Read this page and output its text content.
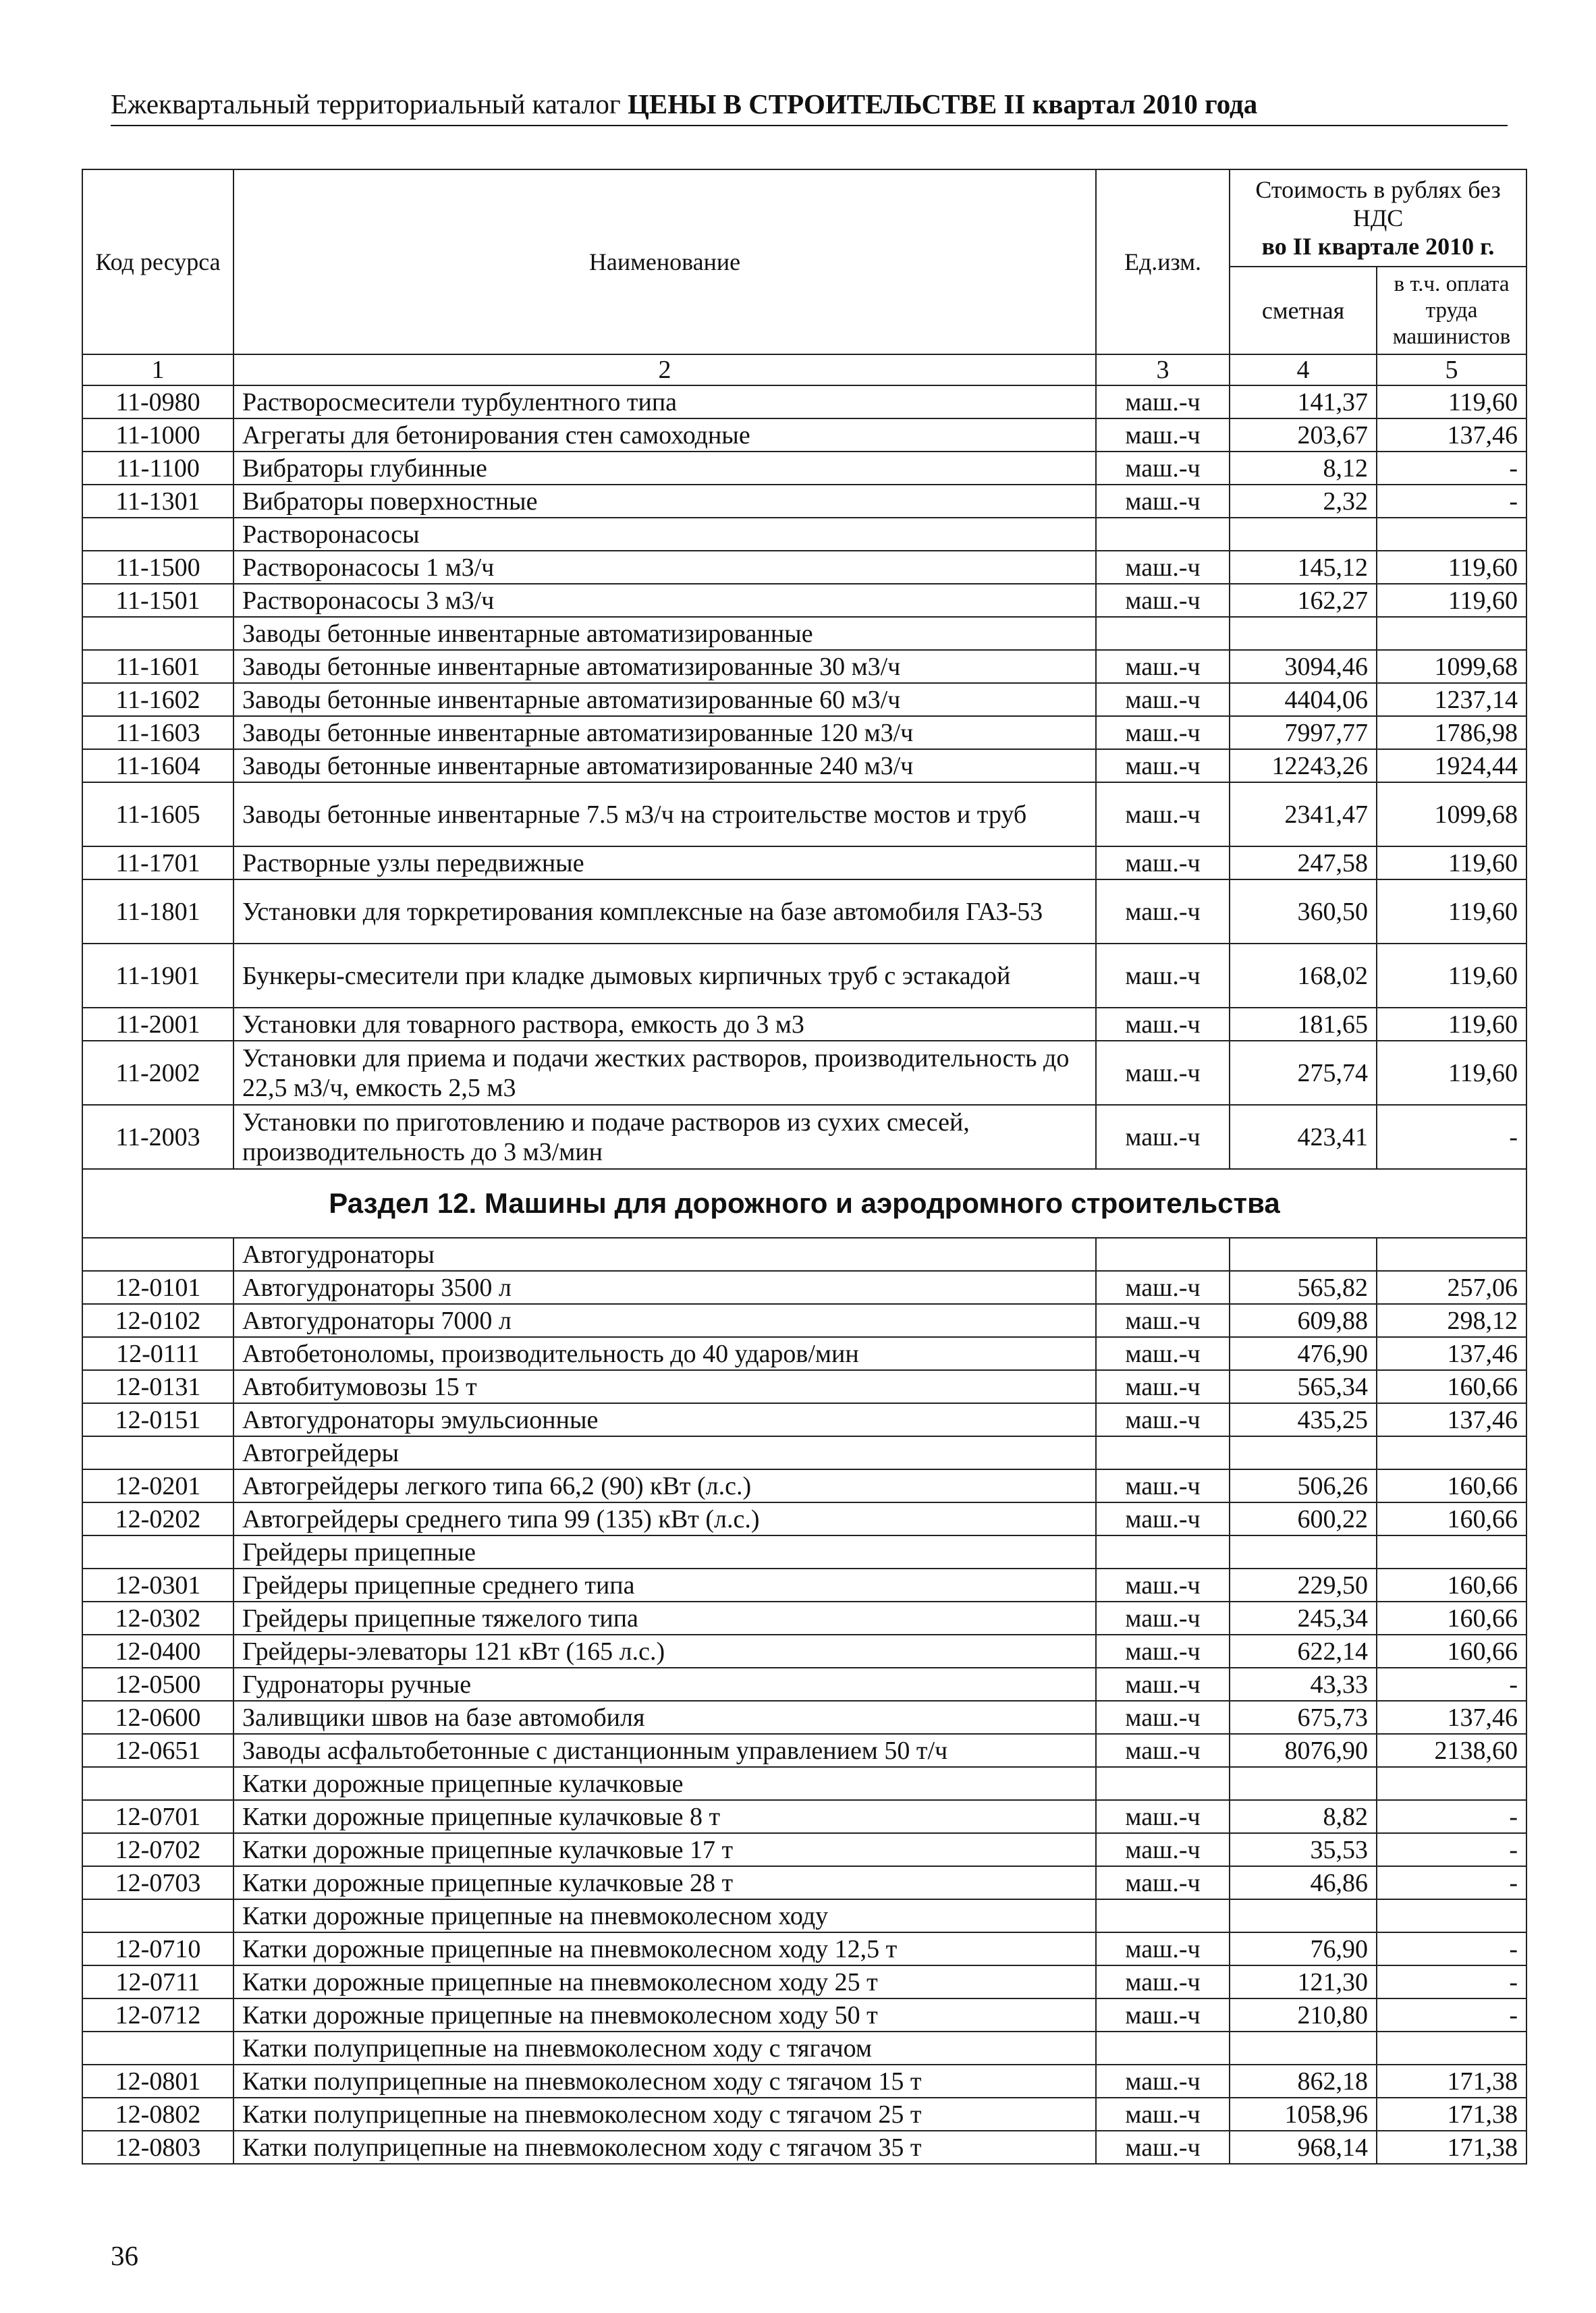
Ежеквартальный территориальный каталог ЦЕНЫ В СТРОИТЕЛЬСТВЕ II квартал 2010 года
Код ресурса	Наименование	Ед.изм.	Стоимость в рублях без НДС
во II квартале 2010 г.	
			сметная	в т.ч. оплата труда машинистов
1	2	3	4	5
11-0980	Растворосмесители турбулентного типа	маш.-ч	141,37	119,60
11-1000	Агрегаты для бетонирования стен самоходные	маш.-ч	203,67	137,46
11-1100	Вибраторы глубинные	маш.-ч	8,12	-
11-1301	Вибраторы поверхностные	маш.-ч	2,32	-
	Растворонасосы			
11-1500	Растворонасосы 1 м3/ч	маш.-ч	145,12	119,60
11-1501	Растворонасосы 3 м3/ч	маш.-ч	162,27	119,60
	Заводы бетонные инвентарные автоматизированные			
11-1601	Заводы бетонные инвентарные автоматизированные 30 м3/ч	маш.-ч	3094,46	1099,68
11-1602	Заводы бетонные инвентарные автоматизированные 60 м3/ч	маш.-ч	4404,06	1237,14
11-1603	Заводы бетонные инвентарные автоматизированные 120 м3/ч	маш.-ч	7997,77	1786,98
11-1604	Заводы бетонные инвентарные автоматизированные 240 м3/ч	маш.-ч	12243,26	1924,44
11-1605	Заводы бетонные инвентарные 7.5 м3/ч на строительстве мостов и труб	маш.-ч	2341,47	1099,68
11-1701	Растворные узлы передвижные	маш.-ч	247,58	119,60
11-1801	Установки для торкретирования комплексные на базе автомобиля ГАЗ-53	маш.-ч	360,50	119,60
11-1901	Бункеры-смесители при кладке дымовых кирпичных труб с эстакадой	маш.-ч	168,02	119,60
11-2001	Установки для товарного раствора, емкость до 3 м3	маш.-ч	181,65	119,60
11-2002	Установки для приема и подачи жестких растворов, производительность до 22,5 м3/ч, емкость 2,5 м3	маш.-ч	275,74	119,60
11-2003	Установки по приготовлению и подаче растворов из сухих смесей, производительность до 3 м3/мин	маш.-ч	423,41	-
Раздел 12. Машины для дорожного и аэродромного строительства				
	Автогудронаторы			
12-0101	Автогудронаторы 3500 л	маш.-ч	565,82	257,06
12-0102	Автогудронаторы 7000 л	маш.-ч	609,88	298,12
12-0111	Автобетоноломы, производительность до 40 ударов/мин	маш.-ч	476,90	137,46
12-0131	Автобитумовозы 15 т	маш.-ч	565,34	160,66
12-0151	Автогудронаторы эмульсионные	маш.-ч	435,25	137,46
	Автогрейдеры			
12-0201	Автогрейдеры легкого типа 66,2 (90) кВт (л.с.)	маш.-ч	506,26	160,66
12-0202	Автогрейдеры среднего типа 99 (135) кВт (л.с.)	маш.-ч	600,22	160,66
	Грейдеры прицепные			
12-0301	Грейдеры прицепные среднего типа	маш.-ч	229,50	160,66
12-0302	Грейдеры прицепные тяжелого типа	маш.-ч	245,34	160,66
12-0400	Грейдеры-элеваторы 121 кВт (165 л.с.)	маш.-ч	622,14	160,66
12-0500	Гудронаторы ручные	маш.-ч	43,33	-
12-0600	Заливщики швов на базе автомобиля	маш.-ч	675,73	137,46
12-0651	Заводы асфальтобетонные с дистанционным управлением 50 т/ч	маш.-ч	8076,90	2138,60
	Катки дорожные прицепные кулачковые			
12-0701	Катки дорожные прицепные кулачковые 8 т	маш.-ч	8,82	-
12-0702	Катки дорожные прицепные кулачковые 17 т	маш.-ч	35,53	-
12-0703	Катки дорожные прицепные кулачковые 28 т	маш.-ч	46,86	-
	Катки дорожные прицепные на пневмоколесном ходу			
12-0710	Катки дорожные прицепные на пневмоколесном ходу 12,5 т	маш.-ч	76,90	-
12-0711	Катки дорожные прицепные на пневмоколесном ходу 25 т	маш.-ч	121,30	-
12-0712	Катки дорожные прицепные на пневмоколесном ходу 50 т	маш.-ч	210,80	-
	Катки полуприцепные на пневмоколесном ходу с тягачом			
12-0801	Катки полуприцепные на пневмоколесном ходу с тягачом 15 т	маш.-ч	862,18	171,38
12-0802	Катки полуприцепные на пневмоколесном ходу с тягачом 25 т	маш.-ч	1058,96	171,38
12-0803	Катки полуприцепные на пневмоколесном ходу с тягачом 35 т	маш.-ч	968,14	171,38
36
